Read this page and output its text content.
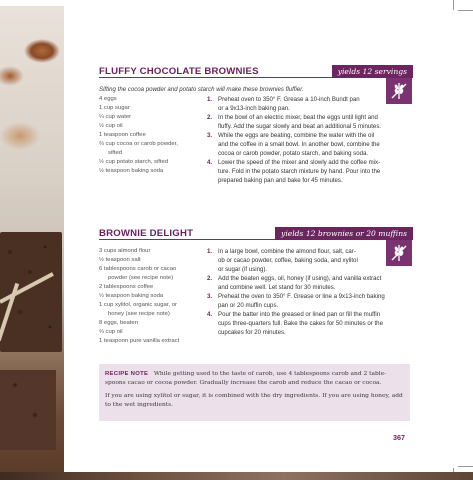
FLUFFY CHOCOLATE BROWNIES	yields 12 servings
Sifting the cocoa powder and potato starch will make these brownies fluffier.
4 eggs
1 cup sugar
¼ cup water
½ cup oil
1 teaspoon coffee
⅔ cup cocoa or carob powder,
sifted
½ cup potato starch, sifted
½ teaspoon baking soda
1. Preheat oven to 350° F. Grease a 10-inch Bundt pan
or a 9x13-inch baking pan.
2. In the bowl of an electric mixer, beat the eggs until light and
fluffy. Add the sugar slowly and beat an additional 5 minutes.
3. While the eggs are beating, combine the water with the oil
and the coffee in a small bowl. In another bowl, combine the
cocoa or carob powder, potato starch, and baking soda.
4. Lower the speed of the mixer and slowly add the coffee mix-
ture. Fold in the potato starch mixture by hand. Pour into the
prepared baking pan and bake for 45 minutes.
BROWNIE DELIGHT	yields 12 brownies or 20 muffins
3 cups almond flour
½ teaspoon salt
6 tablespoons carob or cacao
powder (see recipe note)
2 tablespoons coffee
½ teaspoon baking soda
1 cup xylitol, organic sugar, or
honey (see recipe note)
8 eggs, beaten
⅔ cup oil
1 teaspoon pure vanilla extract
1. In a large bowl, combine the almond flour, salt, car-
ob or cacao powder, coffee, baking soda, and xylitol
or sugar (if using).
2. Add the beaten eggs, oil, honey (if using), and vanilla extract
and combine well. Let stand for 30 minutes.
3. Preheat the oven to 350° F. Grease or line a 9x13-inch baking
pan or 20 muffin cups.
4. Pour the batter into the greased or lined pan or fill the muffin
cups three-quarters full. Bake the cakes for 50 minutes or the
cupcakes for 20 minutes.

RECIPE NOTE While getting used to the taste of carob, use 4 tablespoons carob and 2 table-

spoons cacao or cocoa powder. Gradually increase the carob and reduce the cacao or cocoa.

If you are using xylitol or sugar, it is combined with the dry ingredients. If you are using honey, add

to the wet ingredients.

367
